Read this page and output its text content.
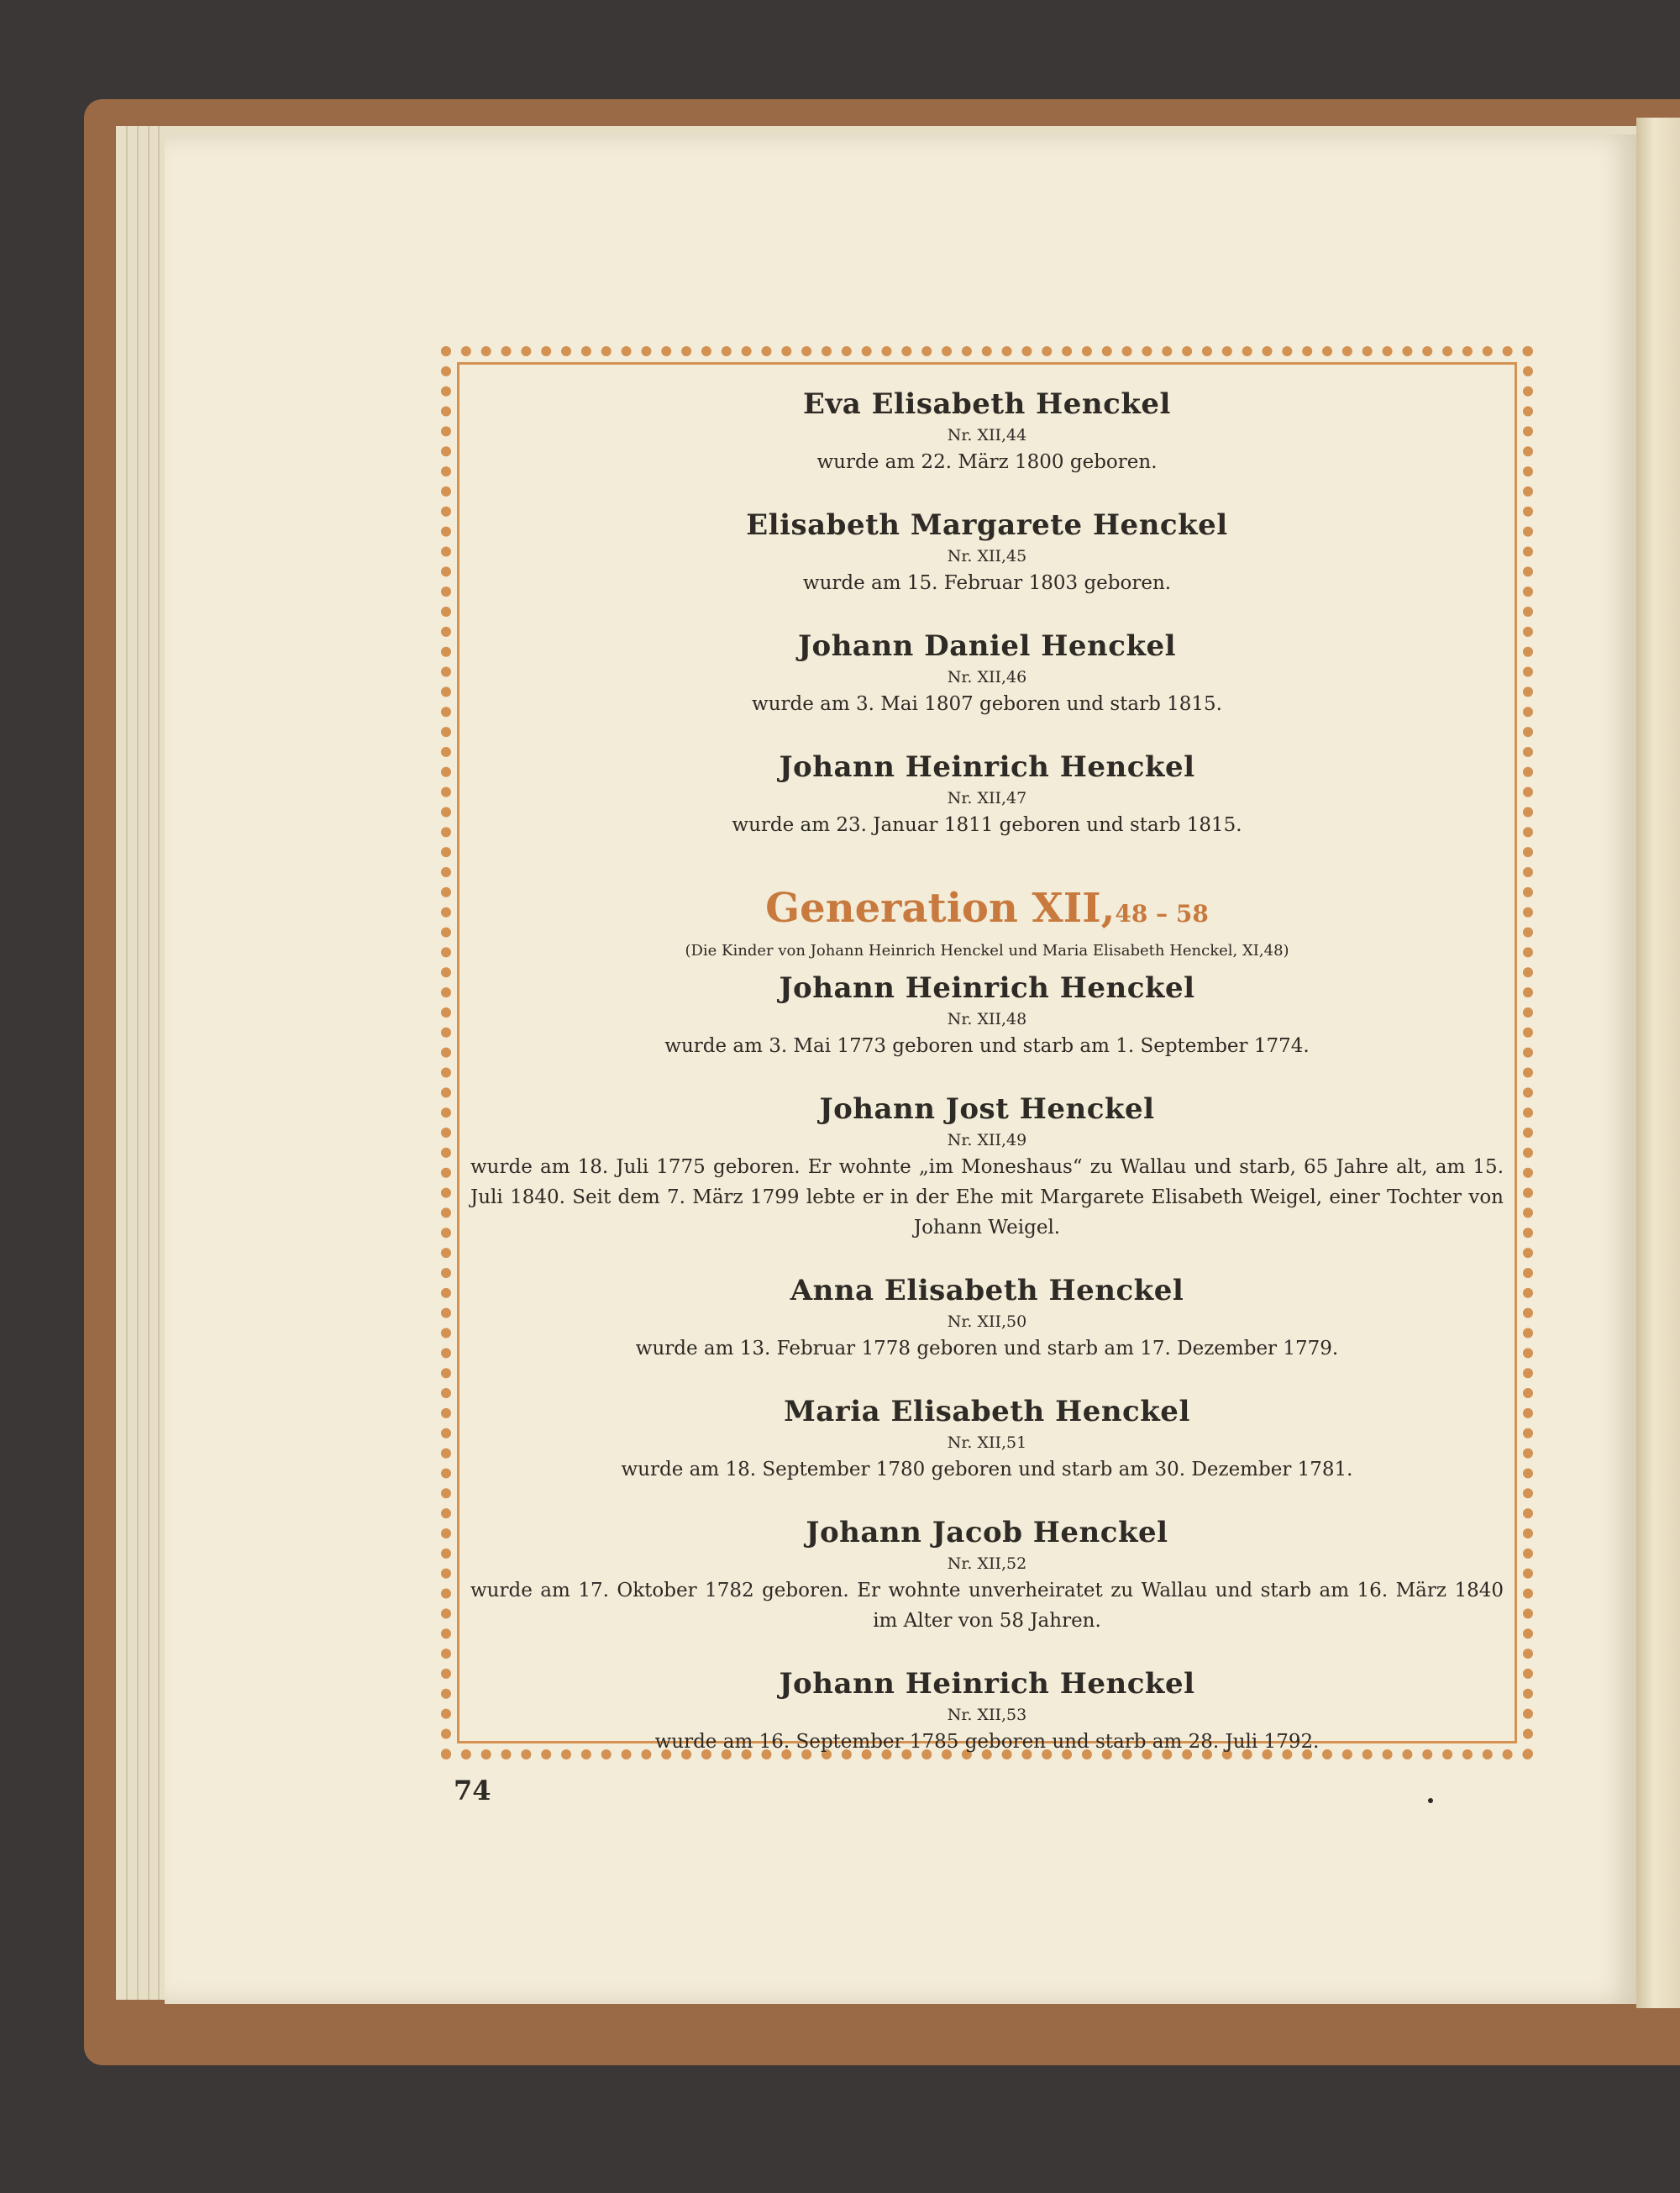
Eva Elisabeth Henckel
Nr. XII,44
wurde am 22. März 1800 geboren.
Elisabeth Margarete Henckel
Nr. XII,45
wurde am 15. Februar 1803 geboren.
Johann Daniel Henckel
Nr. XII,46
wurde am 3. Mai 1807 geboren und starb 1815.
Johann Heinrich Henckel
Nr. XII,47
wurde am 23. Januar 1811 geboren und starb 1815.
Generation XII,48 – 58
(Die Kinder von Johann Heinrich Henckel und Maria Elisabeth Henckel, XI,48)
Johann Heinrich Henckel
Nr. XII,48
wurde am 3. Mai 1773 geboren und starb am 1. September 1774.
Johann Jost Henckel
Nr. XII,49
wurde am 18. Juli 1775 geboren. Er wohnte „im Moneshaus“ zu Wallau und starb, 65 Jahre alt, am 15. Juli 1840. Seit dem 7. März 1799 lebte er in der Ehe mit Margarete Elisabeth Weigel, einer Tochter von Johann Weigel.
Anna Elisabeth Henckel
Nr. XII,50
wurde am 13. Februar 1778 geboren und starb am 17. Dezember 1779.
Maria Elisabeth Henckel
Nr. XII,51
wurde am 18. September 1780 geboren und starb am 30. Dezember 1781.
Johann Jacob Henckel
Nr. XII,52
wurde am 17. Oktober 1782 geboren. Er wohnte unverheiratet zu Wallau und starb am 16. März 1840 im Alter von 58 Jahren.
Johann Heinrich Henckel
Nr. XII,53
wurde am 16. September 1785 geboren und starb am 28. Juli 1792.
74
